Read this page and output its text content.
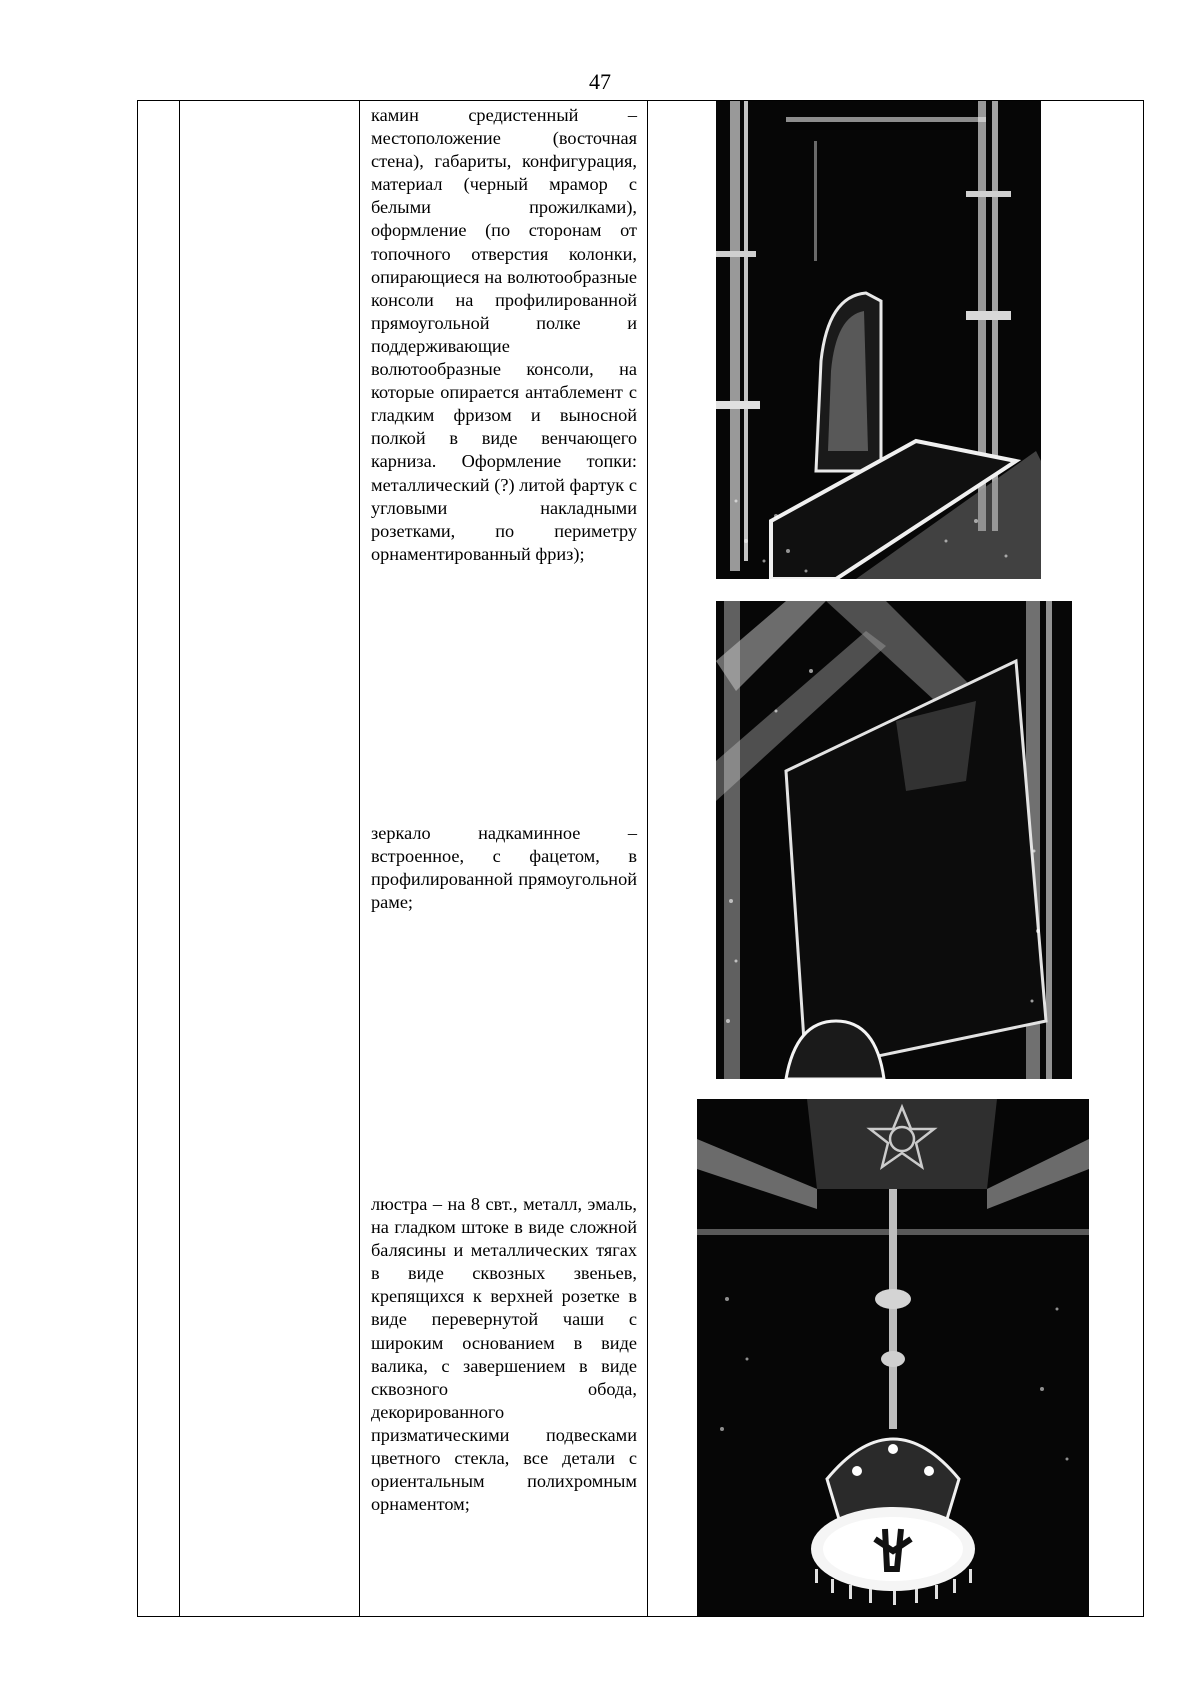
47

камин средистенный – местоположение (восточная стена), габариты, конфигурация, материал (черный мрамор с белыми прожилками), оформление (по сторонам от топочного отверстия колонки, опирающиеся на волютообразные консоли на профилированной прямоугольной полке и поддерживающие волютообразные консоли, на которые опирается антаблемент с гладким фризом и выносной полкой в виде венчающего карниза. Оформление топки: металлический (?) литой фартук с угловыми накладными розетками, по периметру орнаментированный фриз);
зеркало надкаминное – встроенное, с фацетом, в профилированной прямоугольной раме;
люстра – на 8 свт., металл, эмаль, на гладком штоке в виде сложной балясины и металлических тягах в виде сквозных звеньев, крепящихся к верхней розетке в виде перевернутой чаши с широким основанием в виде валика, с завершением в виде сквозного обода, декорированного призматическими подвесками цветного стекла, все детали с ориентальным полихромным орнаментом;
